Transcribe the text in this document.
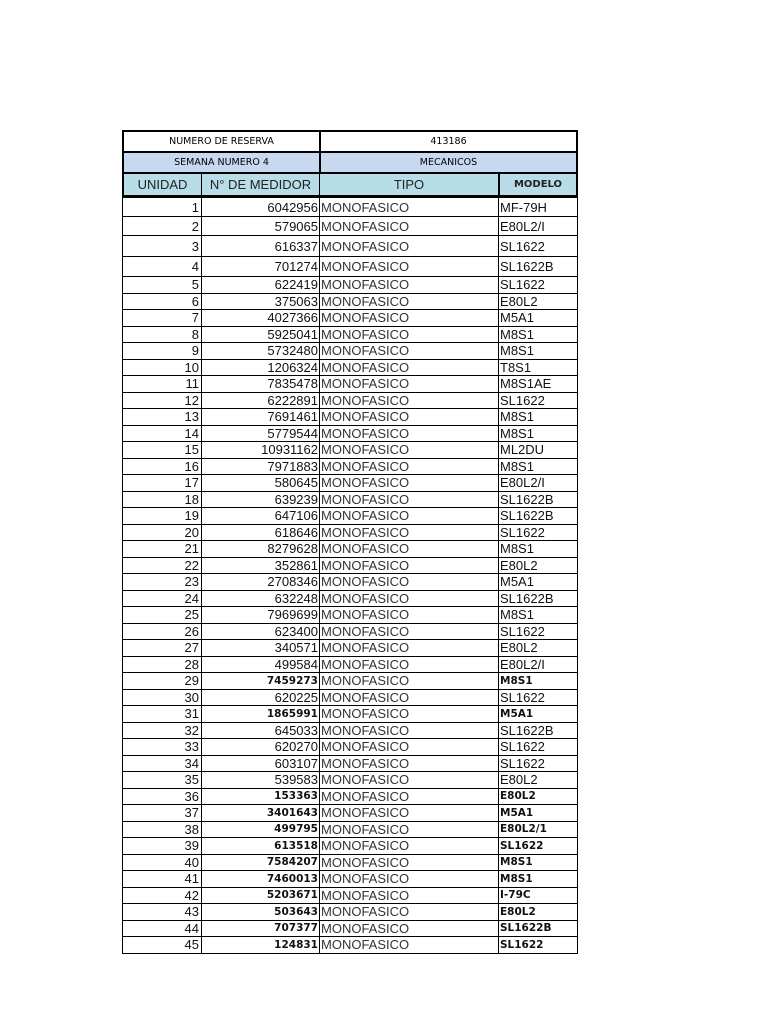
NUMERO DE RESERVA	413186
SEMANA NUMERO 4	MECANICOS
UNIDAD	N° DE MEDIDOR	TIPO	MODELO
1	6042956 MONOFASICO	MF-79H
2	579065 MONOFASICO	E80L2/I
3	616337 MONOFASICO	SL1622
4	701274 MONOFASICO	SL1622B
5	622419 MONOFASICO	SL1622
6	375063 MONOFASICO	E80L2
7	4027366 MONOFASICO	M5A1
8	5925041 MONOFASICO	M8S1
9	5732480 MONOFASICO	M8S1
10	1206324 MONOFASICO	T8S1
11	7835478 MONOFASICO	M8S1AE
12	6222891 MONOFASICO	SL1622
13	7691461 MONOFASICO	M8S1
14	5779544 MONOFASICO	M8S1
15	10931162 MONOFASICO	ML2DU
16	7971883 MONOFASICO	M8S1
17	580645 MONOFASICO	E80L2/I
18	639239 MONOFASICO	SL1622B
19	647106 MONOFASICO	SL1622B
20	618646 MONOFASICO	SL1622
21	8279628 MONOFASICO	M8S1
22	352861 MONOFASICO	E80L2
23	2708346 MONOFASICO	M5A1
24	632248 MONOFASICO	SL1622B
25	7969699 MONOFASICO	M8S1
26	623400 MONOFASICO	SL1622
27	340571 MONOFASICO	E80L2
28	499584 MONOFASICO	E80L2/I
29	7459273 MONOFASICO	M8S1
30	620225 MONOFASICO	SL1622
31	1865991 MONOFASICO	M5A1
32	645033 MONOFASICO	SL1622B
33	620270 MONOFASICO	SL1622
34	603107 MONOFASICO	SL1622
35	539583 MONOFASICO	E80L2
36	153363 MONOFASICO	E80L2
37	3401643 MONOFASICO	M5A1
38	499795 MONOFASICO	E80L2/1
39	613518 MONOFASICO	SL1622
40	7584207 MONOFASICO	M8S1
41	7460013 MONOFASICO	M8S1
42	5203671 MONOFASICO	I-79C
43	503643 MONOFASICO	E80L2
44	707377 MONOFASICO	SL1622B
45	124831 MONOFASICO	SL1622
